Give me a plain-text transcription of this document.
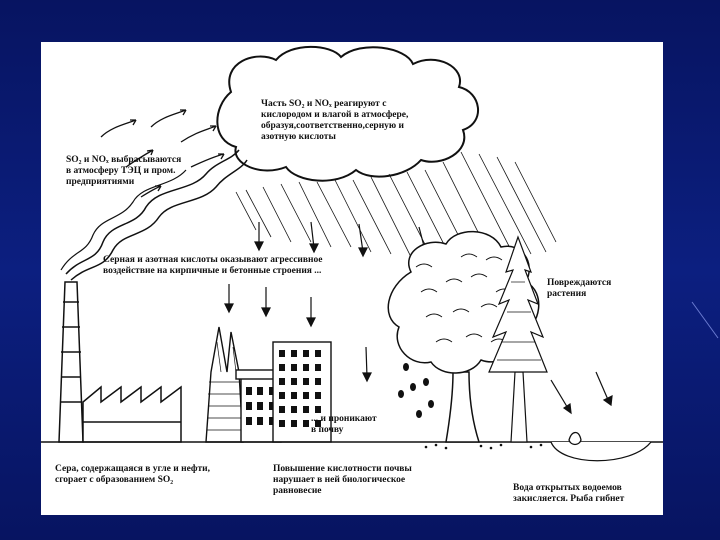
Часть SO₂ и NOₓ реагируют с
кислородом и влагой в атмосфере,
образуя,соответственно,серную и
азотную кислоты
SO₂ и NOₓ выбрасываются
в атмосферу ТЭЦ и пром.
предприятиями
Серная и азотная кислоты оказывают агрессивное
воздействие на кирпичные и бетонные строения ...
Повреждаются
растения
... и проникают
в почву
Сера, содержащаяся в угле и нефти,
сгорает с образованием SO₂
Повышение кислотности почвы
нарушает в ней биологическое
равновесие	Вода открытых водоемов
закисляется. Рыба гибнет
